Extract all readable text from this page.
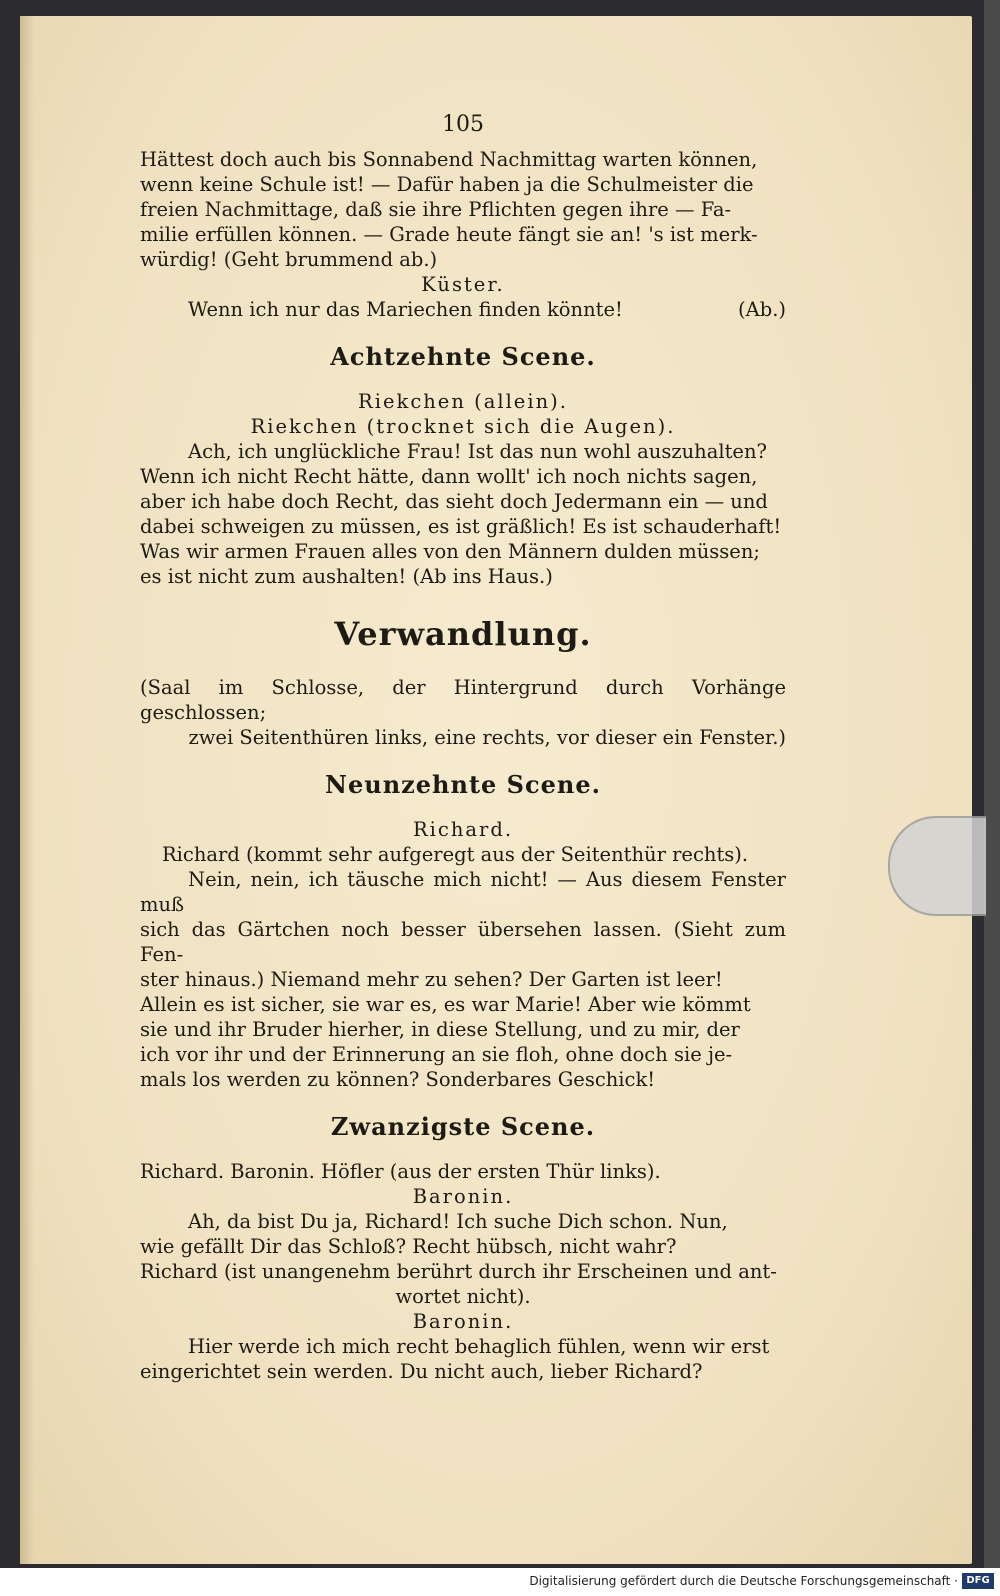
105

Hättest doch auch bis Sonnabend Nachmittag warten können,

wenn keine Schule ist! — Dafür haben ja die Schulmeister die

freien Nachmittage, daß sie ihre Pflichten gegen ihre — Fa-

milie erfüllen können. — Grade heute fängt sie an! 's ist merk-

würdig! (Geht brummend ab.)

Küster.

Wenn ich nur das Mariechen finden könnte!	(Ab.)

Achtzehnte Scene.
Riekchen (allein).
Riekchen (trocknet sich die Augen).

Ach, ich unglückliche Frau! Ist das nun wohl auszuhalten?

Wenn ich nicht Recht hätte, dann wollt' ich noch nichts sagen,

aber ich habe doch Recht, das sieht doch Jedermann ein — und

dabei schweigen zu müssen, es ist gräßlich! Es ist schauderhaft!

Was wir armen Frauen alles von den Männern dulden müssen;

es ist nicht zum aushalten! (Ab ins Haus.)

Verwandlung.

(Saal im Schlosse, der Hintergrund durch Vorhänge geschlossen;

zwei Seitenthüren links, eine rechts, vor dieser ein Fenster.)

Neunzehnte Scene.
Richard.
Richard (kommt sehr aufgeregt aus der Seitenthür rechts).

Nein, nein, ich täusche mich nicht! — Aus diesem Fenster muß

sich das Gärtchen noch besser übersehen lassen. (Sieht zum Fen-

ster hinaus.) Niemand mehr zu sehen? Der Garten ist leer!

Allein es ist sicher, sie war es, es war Marie! Aber wie kömmt

sie und ihr Bruder hierher, in diese Stellung, und zu mir, der

ich vor ihr und der Erinnerung an sie floh, ohne doch sie je-

mals los werden zu können? Sonderbares Geschick!

Zwanzigste Scene.
Richard. Baronin. Höfler (aus der ersten Thür links).
Baronin.

Ah, da bist Du ja, Richard! Ich suche Dich schon. Nun,

wie gefällt Dir das Schloß? Recht hübsch, nicht wahr?

Richard (ist unangenehm berührt durch ihr Erscheinen und ant-
wortet nicht).
Baronin.

Hier werde ich mich recht behaglich fühlen, wenn wir erst

eingerichtet sein werden. Du nicht auch, lieber Richard?

Digitalisierung gefördert durch die Deutsche Forschungsgemeinschaft · DFG
